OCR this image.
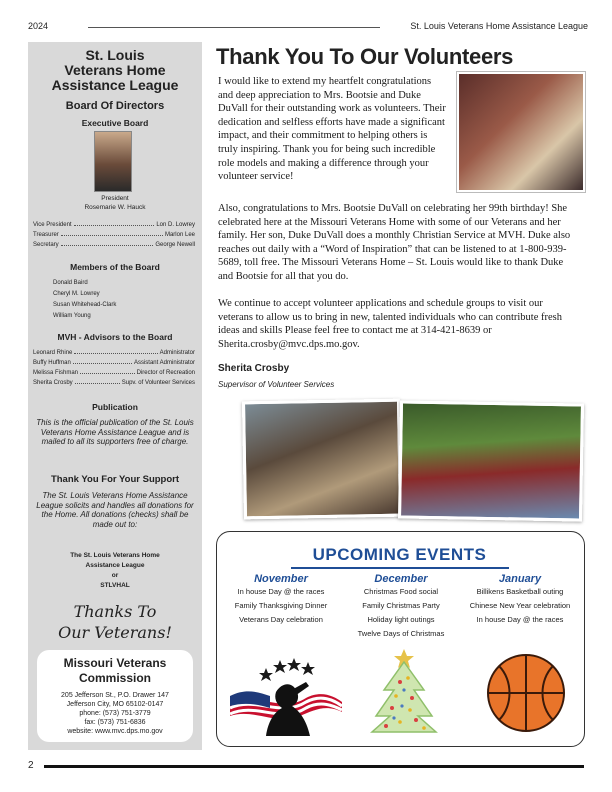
2024	St. Louis Veterans Home Assistance League
St. Louis
Veterans Home
Assistance League
Board Of Directors
Executive Board
President
Rosemarie W. Hauck
Vice President	Lon D. Lowrey
Treasurer	Marlon Lee
Secretary	George Newell
Members of the Board
Donald Baird
Cheryl M. Lowrey
Susan Whitehead-Clark
William Young
MVH - Advisors to the Board
Leonard Rhine	Administrator
Buffy Huffman	Assistant Administrator
Melissa Fishman	Director of Recreation
Sherita Crosby	Supv. of Volunteer Services
Publication
This is the official publication of the St. Louis Veterans Home Assistance League and is mailed to all its supporters free of charge.
Thank You For Your Support
The St. Louis Veterans Home Assistance League solicits and handles all donations for the Home. All donations (checks) shall be made out to:
The St. Louis Veterans Home
Assistance League
or
STLVHAL
Thanks To
Our Veterans!
Missouri Veterans
Commission
205 Jefferson St., P.O. Drawer 147
Jefferson City, MO 65102-0147
phone: (573) 751-3779
fax: (573) 751-6836
website: www.mvc.dps.mo.gov
Thank You To Our Volunteers
I would like to extend my heartfelt congratulations and deep appreciation to Mrs. Bootsie and Duke DuVall for their outstanding work as volunteers. Their dedication and selfless efforts have made a significant impact, and their commitment to helping others is truly inspiring. Thank you for being such incredible role models and making a difference through your volunteer service!
Also, congratulations to Mrs. Bootsie DuVall on celebrating her 99th birthday! She celebrated here at the Missouri Veterans Home with some of our Veterans and her family. Her son, Duke DuVall does a monthly Christian Service at MVH. Duke also reaches out daily with a “Word of Inspiration” that can be listened to at 1-800-939-5689, toll free. The Missouri Veterans Home – St. Louis would like to thank Duke and Bootsie for all that you do.
We continue to accept volunteer applications and schedule groups to visit our veterans to allow us to bring in new, talented individuals who can contribute fresh ideas and skills Please feel free to contact me at 314-421-8639 or Sherita.crosby@mvc.dps.mo.gov.
Sherita Crosby
Supervisor of Volunteer Services
UPCOMING EVENTS
November
In house Day @ the races
Family Thanksgiving Dinner
Veterans Day celebration
December
Christmas Food social
Family Christmas Party
Holiday light outings
Twelve Days of Christmas
January
Billikens Basketball outing
Chinese New Year celebration
In house Day @ the races
2
